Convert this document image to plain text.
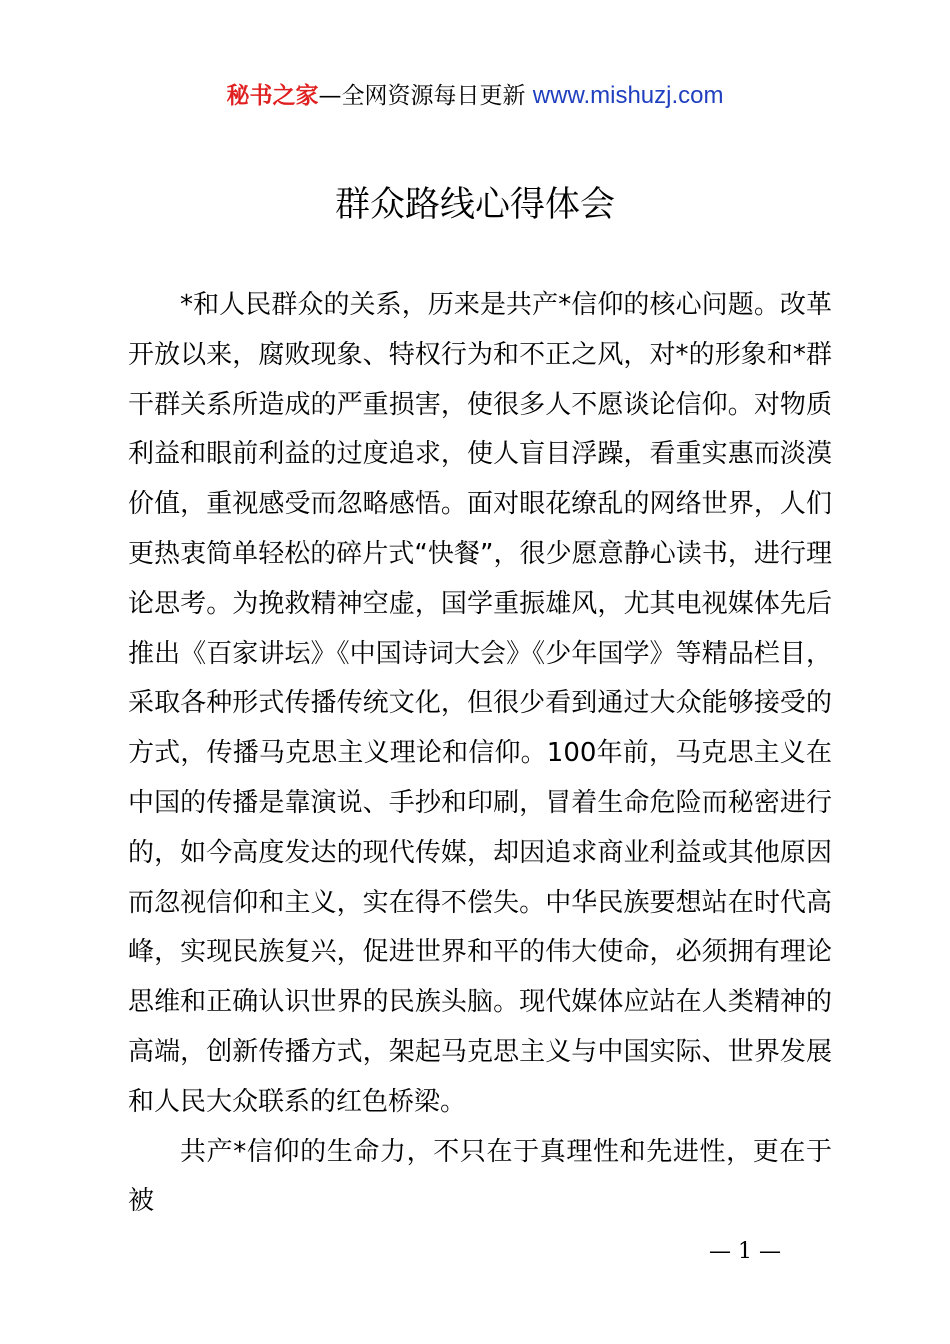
秘书之家—全网资源每日更新 www.mishuzj.com
群众路线心得体会

*和人民群众的关系，历来是共产*信仰的核心问题。改革开放以来，腐败现象、特权行为和不正之风，对*的形象和*群干群关系所造成的严重损害，使很多人不愿谈论信仰。对物质利益和眼前利益的过度追求，使人盲目浮躁，看重实惠而淡漠价值，重视感受而忽略感悟。面对眼花缭乱的网络世界，人们更热衷简单轻松的碎片式“快餐”，很少愿意静心读书，进行理论思考。为挽救精神空虚，国学重振雄风，尤其电视媒体先后推出《百家讲坛》《中国诗词大会》《少年国学》等精品栏目，采取各种形式传播传统文化，但很少看到通过大众能够接受的方式，传播马克思主义理论和信仰。100年前，马克思主义在中国的传播是靠演说、手抄和印刷，冒着生命危险而秘密进行的，如今高度发达的现代传媒，却因追求商业利益或其他原因而忽视信仰和主义，实在得不偿失。中华民族要想站在时代高峰，实现民族复兴，促进世界和平的伟大使命，必须拥有理论思维和正确认识世界的民族头脑。现代媒体应站在人类精神的高端，创新传播方式，架起马克思主义与中国实际、世界发展和人民大众联系的红色桥梁。

共产*信仰的生命力，不只在于真理性和先进性，更在于被

— 1 —
